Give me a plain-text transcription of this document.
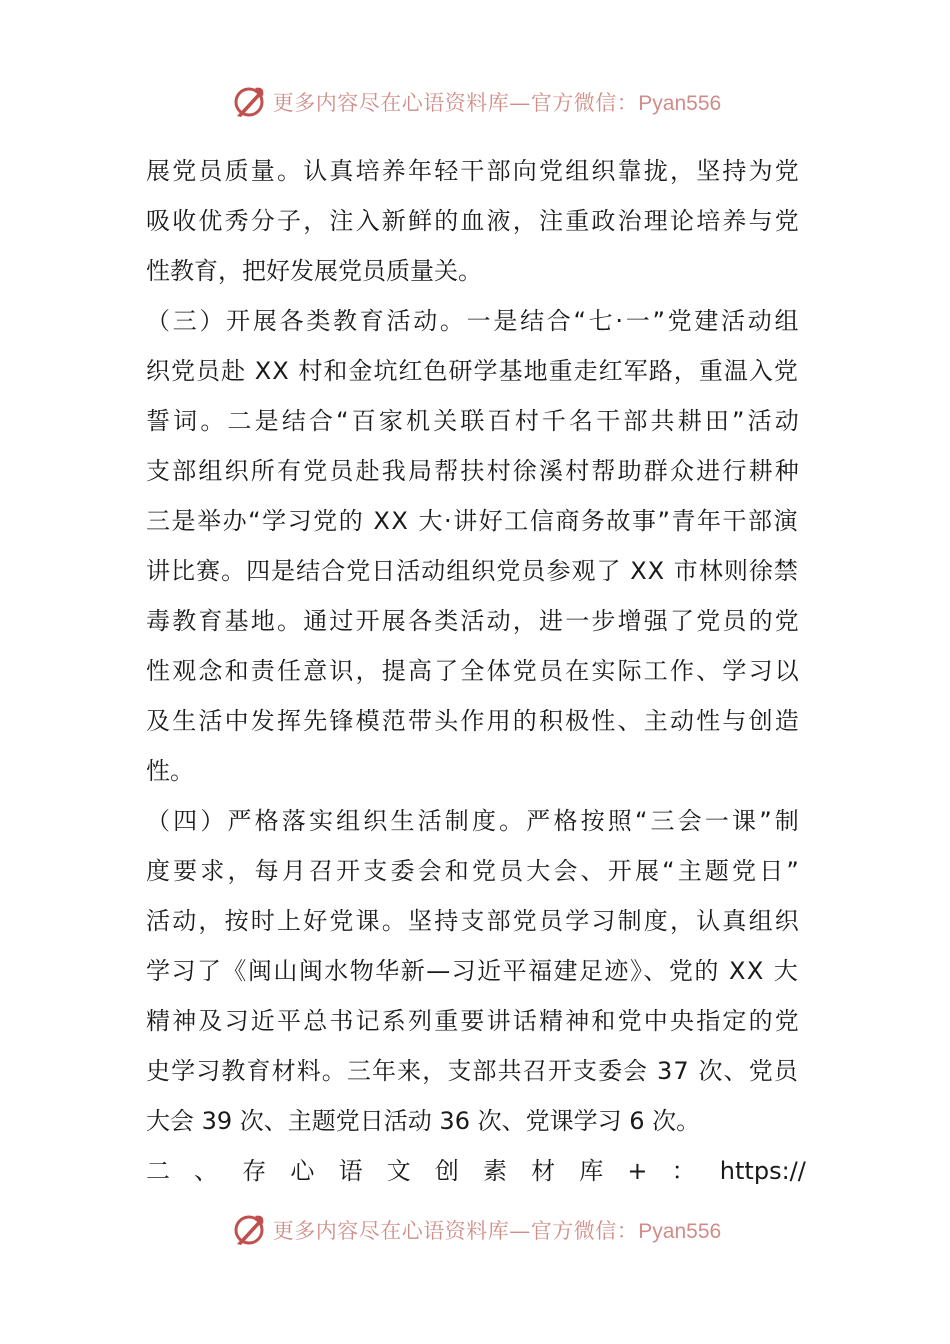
更多内容尽在心语资料库—官方微信：Pyan556
展党员质量。认真培养年轻干部向党组织靠拢，坚持为党
吸收优秀分子，注入新鲜的血液，注重政治理论培养与党
性教育，把好发展党员质量关。
（三）开展各类教育活动。一是结合“七·一”党建活动组
织党员赴 XX 村和金坑红色研学基地重走红军路，重温入党
誓词。二是结合“百家机关联百村千名干部共耕田”活动
支部组织所有党员赴我局帮扶村徐溪村帮助群众进行耕种
三是举办“学习党的 XX 大·讲好工信商务故事”青年干部演
讲比赛。四是结合党日活动组织党员参观了 XX 市林则徐禁
毒教育基地。通过开展各类活动，进一步增强了党员的党
性观念和责任意识，提高了全体党员在实际工作、学习以
及生活中发挥先锋模范带头作用的积极性、主动性与创造
性。
（四）严格落实组织生活制度。严格按照“三会一课”制
度要求，每月召开支委会和党员大会、开展“主题党日”
活动，按时上好党课。坚持支部党员学习制度，认真组织
学习了《闽山闽水物华新—习近平福建足迹》、党的 XX 大
精神及习近平总书记系列重要讲话精神和党中央指定的党
史学习教育材料。三年来，支部共召开支委会 37 次、党员
大会 39 次、主题党日活动 36 次、党课学习 6 次。
二 、 存 心 语 文 创 素 材 库 + ： https://
更多内容尽在心语资料库—官方微信：Pyan556
